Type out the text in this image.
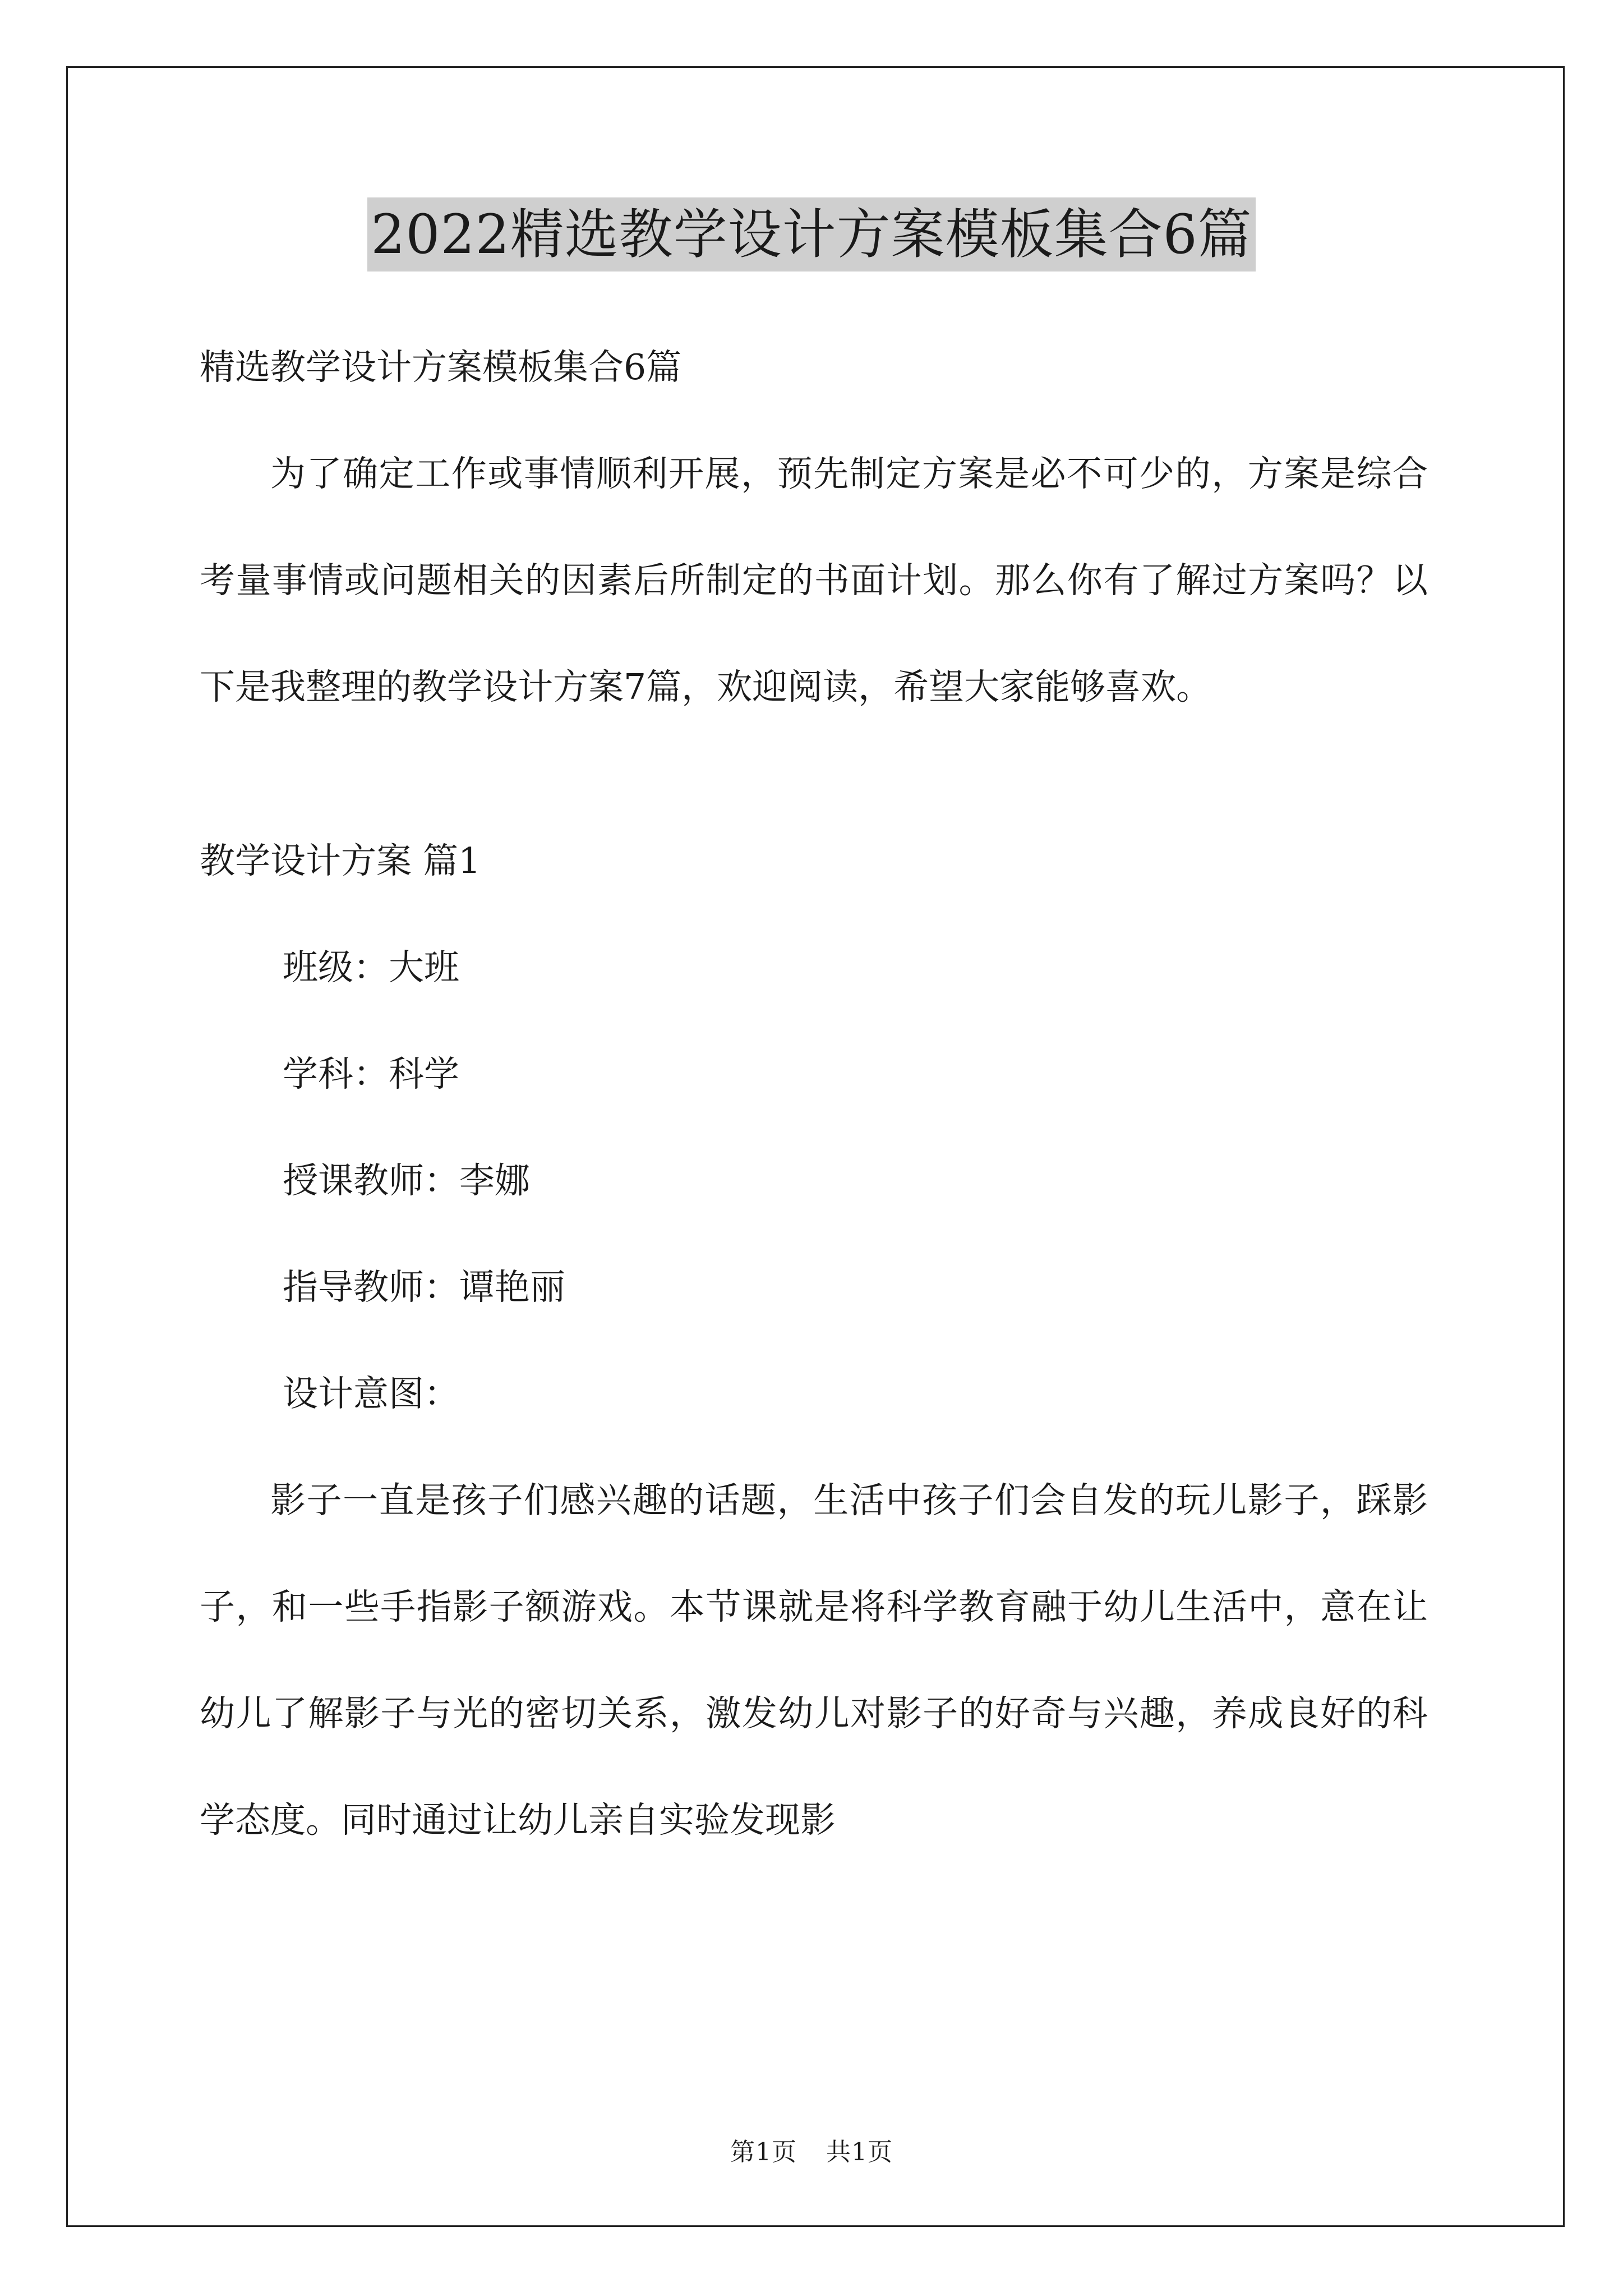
2022精选教学设计方案模板集合6篇

精选教学设计方案模板集合6篇

为了确定工作或事情顺利开展，预先制定方案是必不可少的，方案是综合考量事情或问题相关的因素后所制定的书面计划。那么你有了解过方案吗？以下是我整理的教学设计方案7篇，欢迎阅读，希望大家能够喜欢。

教学设计方案 篇1

班级：大班

学科：科学

授课教师：李娜

指导教师：谭艳丽

设计意图：

影子一直是孩子们感兴趣的话题，生活中孩子们会自发的玩儿影子，踩影子，和一些手指影子额游戏。本节课就是将科学教育融于幼儿生活中，意在让幼儿了解影子与光的密切关系，激发幼儿对影子的好奇与兴趣，养成良好的科学态度。同时通过让幼儿亲自实验发现影

第1页 共1页
